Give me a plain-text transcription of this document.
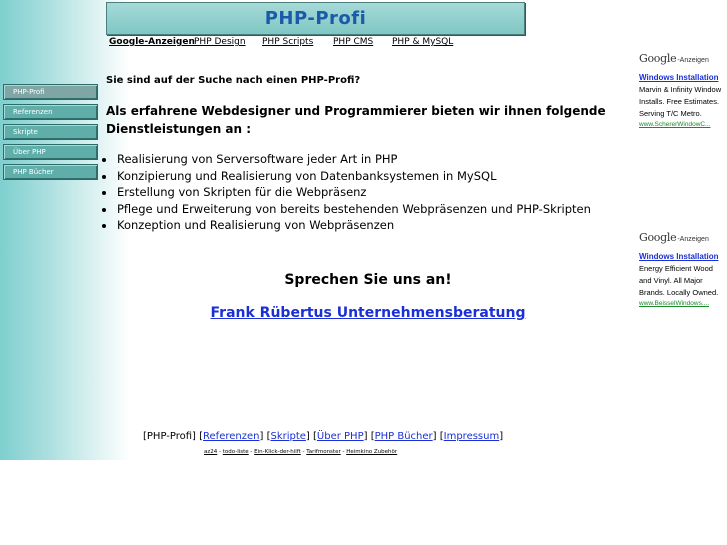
PHP-Profi
Google-Anzeigen PHP Design PHP Scripts PHP CMS PHP & MySQL
PHP-Profi
Referenzen
Skripte
Über PHP
PHP Bücher
Sie sind auf der Suche nach einen PHP-Profi?
Als erfahrene Webdesigner und Programmierer bieten wir ihnen folgende Dienstleistungen an :
• Realisierung von Serversoftware jeder Art in PHP
• Konzipierung und Realisierung von Datenbanksystemen in MySQL
• Erstellung von Skripten für die Webpräsenz
• Pflege und Erweiterung von bereits bestehenden Webpräsenzen und PHP-Skripten
• Konzeption und Realisierung von Webpräsenzen
Sprechen Sie uns an!
Frank Rübertus Unternehmensberatung
[PHP-Profi] [Referenzen] [Skripte] [Über PHP] [PHP Bücher] [Impressum]
az24 - todo-liste - Ein-Klick-der-hilft - Tarifmonster - Heimkino Zubehör
Google -Anzeigen
Windows Installation
Marvin & Infinity Window Installs. Free Estimates. Serving T/C Metro.
www.SchererWindowC...
Google -Anzeigen
Windows Installation
Energy Efficient Wood and Vinyl. All Major Brands. Locally Owned.
www.BeisselWindows....
